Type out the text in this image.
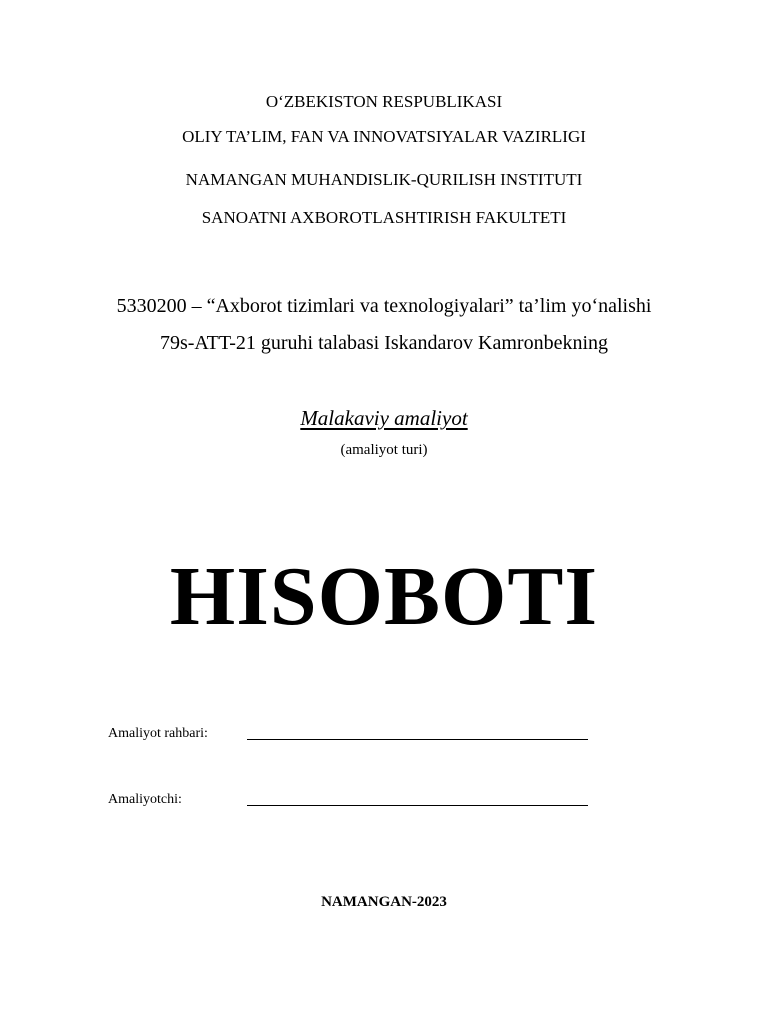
O‘ZBEKISTON RESPUBLIKASI
OLIY TA’LIM, FAN VA INNOVATSIYALAR VAZIRLIGI
NAMANGAN MUHANDISLIK-QURILISH INSTITUTI
SANOATNI AXBOROTLASHTIRISH FAKULTETI
5330200 – “Axborot tizimlari va texnologiyalari” ta’lim yo‘nalishi
79s-ATT-21 guruhi talabasi Iskandarov Kamronbekning
Malakaviy amaliyot
(amaliyot turi)
HISOBOTI
Amaliyot rahbari:
Amaliyotchi:
NAMANGAN-2023
